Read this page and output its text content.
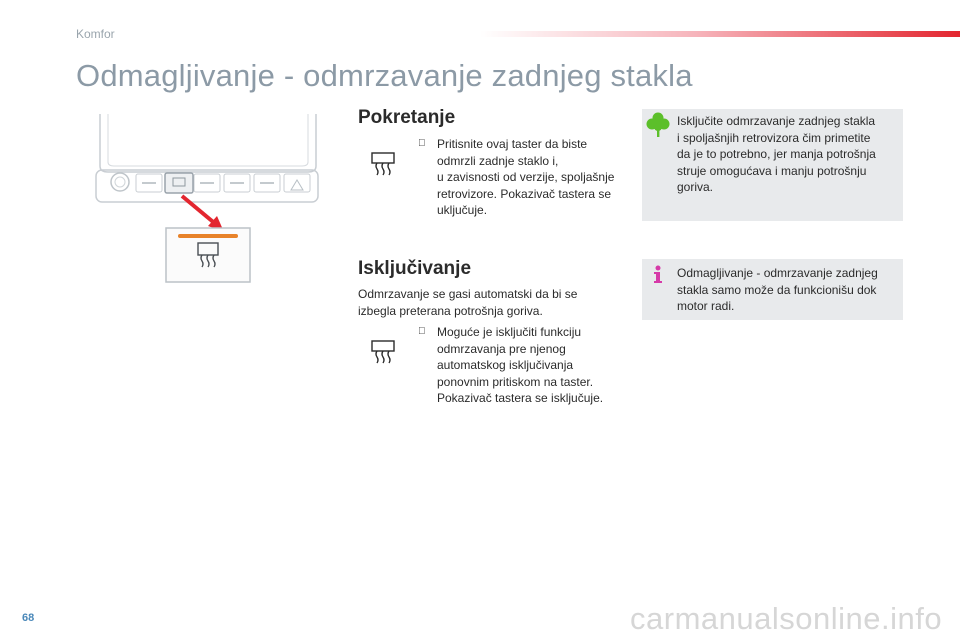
Komfor
Odmagljivanje - odmrzavanje zadnjeg stakla
Pokretanje
Pritisnite ovaj taster da biste
odmrzli zadnje staklo i,
u zavisnosti od verzije, spoljašnje
retrovizore. Pokazivač tastera se
uključuje.
Isključivanje
Odmrzavanje se gasi automatski da bi se
izbegla preterana potrošnja goriva.
Moguće je isključiti funkciju
odmrzavanja pre njenog
automatskog isključivanja
ponovnim pritiskom na taster.
Pokazivač tastera se isključuje.
Isključite odmrzavanje zadnjeg stakla
i spoljašnjih retrovizora čim primetite
da je to potrebno, jer manja potrošnja
struje omogućava i manju potrošnju
goriva.
Odmagljivanje - odmrzavanje zadnjeg
stakla samo može da funkcionišu dok
motor radi.
68	carmanualsonline.info
